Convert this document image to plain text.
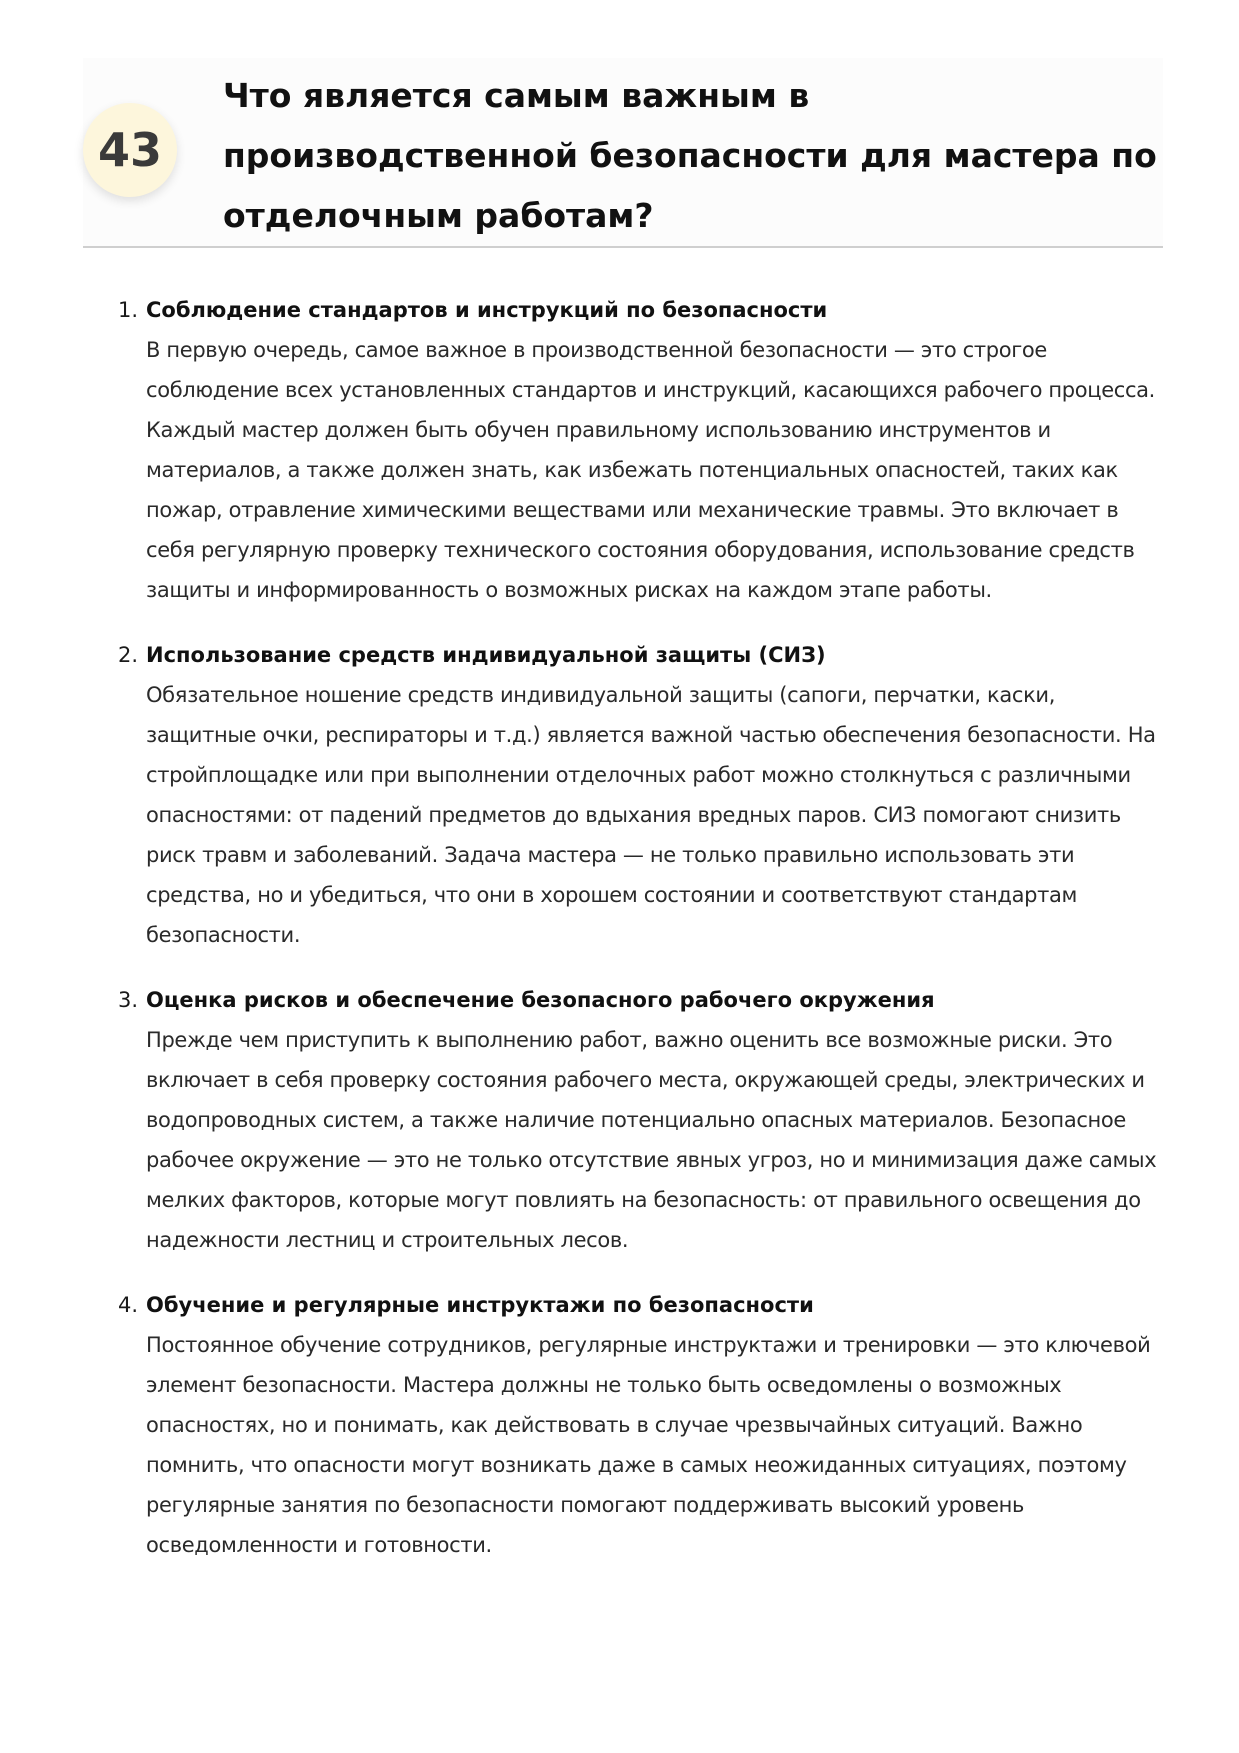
43
Что является самым важным в производственной безопасности для мастера по отделочным работам?
1. Соблюдение стандартов и инструкций по безопасности

В первую очередь, самое важное в производственной безопасности — это строгое соблюдение всех установленных стандартов и инструкций, касающихся рабочего процесса. Каждый мастер должен быть обучен правильному использованию инструментов и материалов, а также должен знать, как избежать потенциальных опасностей, таких как пожар, отравление химическими веществами или механические травмы. Это включает в себя регулярную проверку технического состояния оборудования, использование средств защиты и информированность о возможных рисках на каждом этапе работы.

2. Использование средств индивидуальной защиты (СИЗ)

Обязательное ношение средств индивидуальной защиты (сапоги, перчатки, каски, защитные очки, респираторы и т.д.) является важной частью обеспечения безопасности. На стройплощадке или при выполнении отделочных работ можно столкнуться с различными опасностями: от падений предметов до вдыхания вредных паров. СИЗ помогают снизить риск травм и заболеваний. Задача мастера — не только правильно использовать эти средства, но и убедиться, что они в хорошем состоянии и соответствуют стандартам безопасности.

3. Оценка рисков и обеспечение безопасного рабочего окружения

Прежде чем приступить к выполнению работ, важно оценить все возможные риски. Это включает в себя проверку состояния рабочего места, окружающей среды, электрических и водопроводных систем, а также наличие потенциально опасных материалов. Безопасное рабочее окружение — это не только отсутствие явных угроз, но и минимизация даже самых мелких факторов, которые могут повлиять на безопасность: от правильного освещения до надежности лестниц и строительных лесов.

4. Обучение и регулярные инструктажи по безопасности

Постоянное обучение сотрудников, регулярные инструктажи и тренировки — это ключевой элемент безопасности. Мастера должны не только быть осведомлены о возможных опасностях, но и понимать, как действовать в случае чрезвычайных ситуаций. Важно помнить, что опасности могут возникать даже в самых неожиданных ситуациях, поэтому регулярные занятия по безопасности помогают поддерживать высокий уровень осведомленности и готовности.
